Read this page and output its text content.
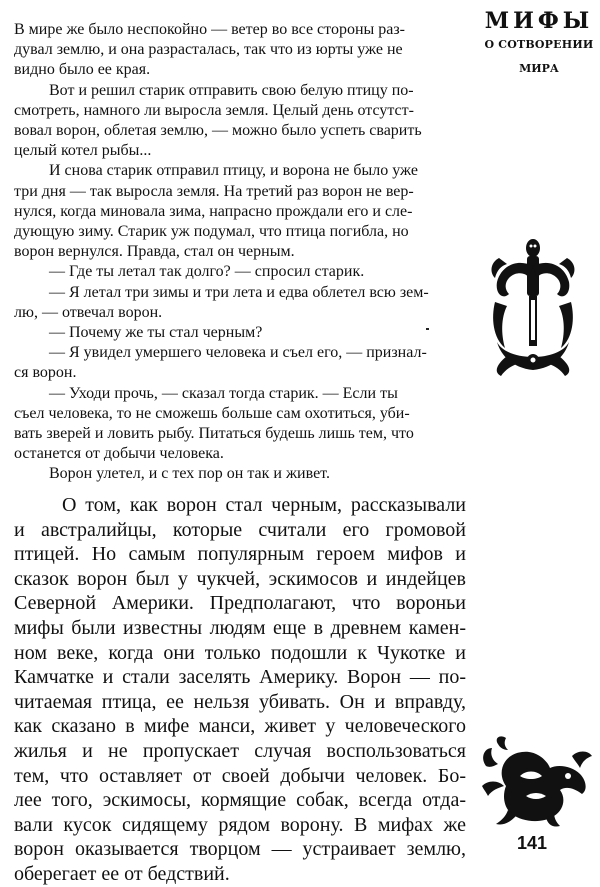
МИФЫ
О СОТВОРЕНИИ
МИРА
В мире же было неспокойно — ветер во все стороны раз-
дувал землю, и она разрасталась, так что из юрты уже не
видно было ее края.
Вот и решил старик отправить свою белую птицу по-
смотреть, намного ли выросла земля. Целый день отсутст-
вовал ворон, облетая землю, — можно было успеть сварить
целый котел рыбы...
И снова старик отправил птицу, и ворона не было уже
три дня — так выросла земля. На третий раз ворон не вер-
нулся, когда миновала зима, напрасно прождали его и сле-
дующую зиму. Старик уж подумал, что птица погибла, но
ворон вернулся. Правда, стал он черным.
— Где ты летал так долго? — спросил старик.
— Я летал три зимы и три лета и едва облетел всю зем-
лю, — отвечал ворон.
— Почему же ты стал черным?
— Я увидел умершего человека и съел его, — признал-
ся ворон.
— Уходи прочь, — сказал тогда старик. — Если ты
съел человека, то не сможешь больше сам охотиться, уби-
вать зверей и ловить рыбу. Питаться будешь лишь тем, что
останется от добычи человека.
Ворон улетел, и с тех пор он так и живет.
О том, как ворон стал черным, рассказывали
и австралийцы, которые считали его громовой
птицей. Но самым популярным героем мифов и
сказок ворон был у чукчей, эскимосов и индейцев
Северной Америки. Предполагают, что вороньи
мифы были известны людям еще в древнем камен-
ном веке, когда они только подошли к Чукотке и
Камчатке и стали заселять Америку. Ворон — по-
читаемая птица, ее нельзя убивать. Он и вправду,
как сказано в мифе манси, живет у человеческого
жилья и не пропускает случая воспользоваться
тем, что оставляет от своей добычи человек. Бо-
лее того, эскимосы, кормящие собак, всегда отда-
вали кусок сидящему рядом ворону. В мифах же
ворон оказывается творцом — устраивает землю,
оберегает ее от бедствий.
141
